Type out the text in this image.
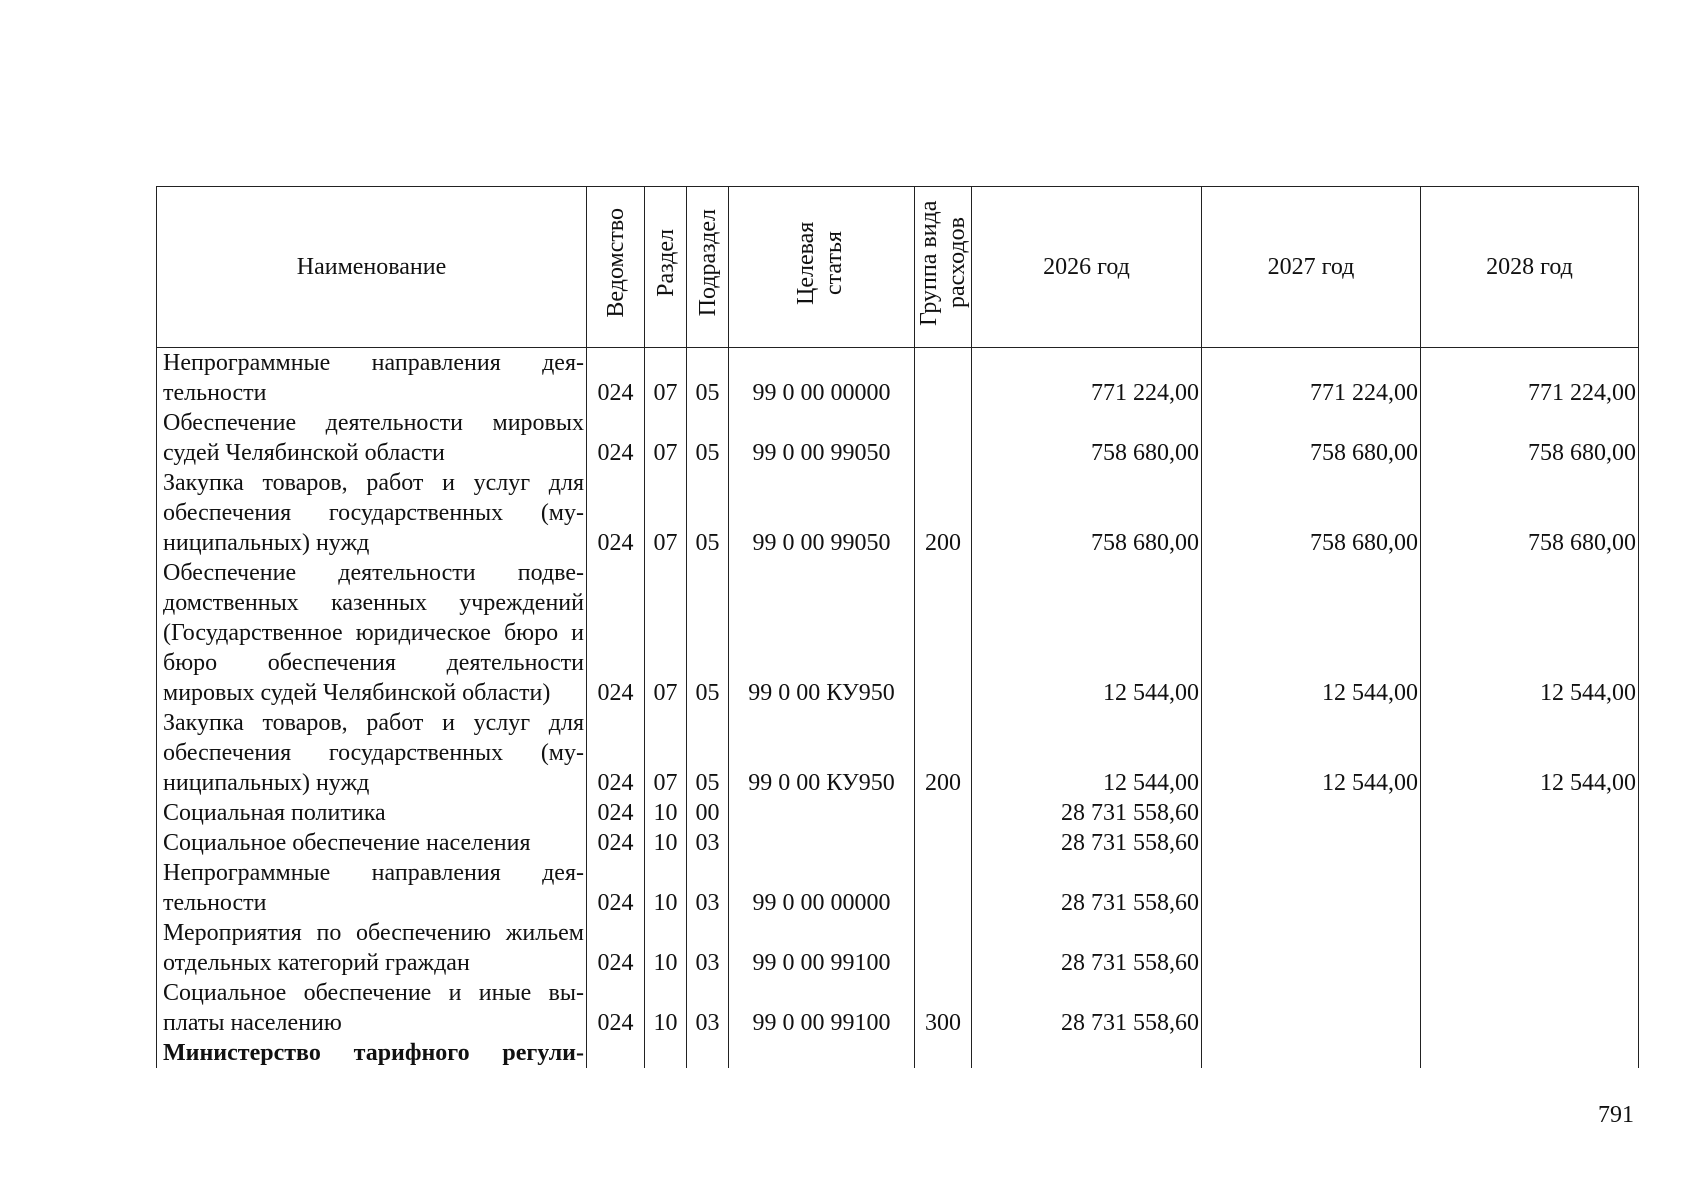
Наименование	Ведомство	Раздел	Подраздел	Целевая статья	Группа вида расходов	2026 год	2027 год	2028 год
Непрограммные направления деятельности	024	07	05	99 0 00 00000		771 224,00	771 224,00	771 224,00
Обеспечение деятельности мировых судей Челябинской области	024	07	05	99 0 00 99050		758 680,00	758 680,00	758 680,00
Закупка товаров, работ и услуг для обеспечения государственных (муниципальных) нужд	024	07	05	99 0 00 99050	200	758 680,00	758 680,00	758 680,00
Обеспечение деятельности подведомственных казенных учреждений (Государственное юридическое бюро и бюро обеспечения деятельности мировых судей Челябинской области)	024	07	05	99 0 00 КУ950		12 544,00	12 544,00	12 544,00
Закупка товаров, работ и услуг для обеспечения государственных (муниципальных) нужд	024	07	05	99 0 00 КУ950	200	12 544,00	12 544,00	12 544,00
Социальная политика	024	10	00			28 731 558,60		
Социальное обеспечение населения	024	10	03			28 731 558,60		
Непрограммные направления деятельности	024	10	03	99 0 00 00000		28 731 558,60		
Мероприятия по обеспечению жильем отдельных категорий граждан	024	10	03	99 0 00 99100		28 731 558,60		
Социальное обеспечение и иные выплаты населению	024	10	03	99 0 00 99100	300	28 731 558,60		
Министерство тарифного регули-								
791
